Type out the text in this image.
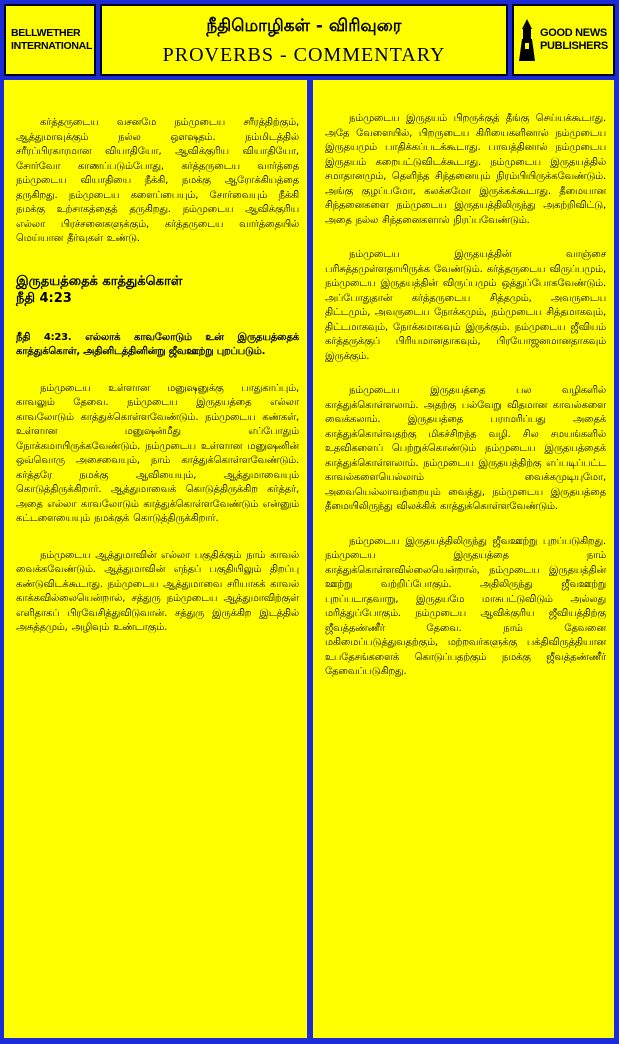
BELLWETHER
INTERNATIONAL
நீதிமொழிகள் - விரிவுரை
PROVERBS - COMMENTARY
GOOD NEWS
PUBLISHERS

கர்த்தருடைய வசனமே நம்முடைய சரீரத்திற்கும், ஆத்துமாவுக்கும் நல்ல ஔஷதம். நம்மிடத்தில் சரீரப்பிரகாரமான வியாதியோ, ஆவிக்குரிய வியாதியோ, சோர்வோ காணப்படும்போது, கர்த்தருடைய வார்த்தை நம்முடைய வியாதியை நீக்கி, நமக்கு ஆரோக்கியத்தை தருகிறது. நம்முடைய களைப்பையும், சோர்வையும் நீக்கி நமக்கு உற்சாகத்தைத் தருகிறது. நம்முடைய ஆவிக்குரிய எல்லா பிரச்சனைகளுக்கும், கர்த்தருடைய வார்த்தையில் மெய்யான தீர்வுகள் உண்டு.

இருதயத்தைக் காத்துக்கொள்

நீதி 4:23

நீதி 4:23. எல்லாக் காவலோடும் உன் இருதயத்தைக் காத்துக்கொள், அதினிடத்தினின்று ஜீவஊற்று புறப்படும்.

நம்முடைய உள்ளான மனுஷனுக்கு பாதுகாப்பும், காவலும் தேவை. நம்முடைய இருதயத்தை எல்லா காவலோடும் காத்துக்கொள்ளவேண்டும். நம்முடைய கண்கள், உள்ளான மனுஷன்மீது எப்போதும் நோக்கமாயிருக்கவேண்டும். நம்முடைய உள்ளான மனுஷனின் ஒவ்வொரு அசைவையும், நாம் காத்துக்கொள்ளவேண்டும். கர்த்தரே நமக்கு ஆவியையும், ஆத்துமாவையும் கொடுத்திருக்கிறார். ஆத்துமாவைக் கொடுத்திருக்கிற கர்த்தர், அதை எல்லா காவலோடும் காத்துக்கொள்ளவேண்டும் என்னும் கட்டளையையும் நமக்குக் கொடுத்திருக்கிறார்.

நம்முடைய ஆத்துமாவின் எல்லா பகுதிக்கும் நாம் காவல் வைக்கவேண்டும். ஆத்துமாவின் எந்தப் பகுதியிலும் திறப்பு கண்டுவிடக்கூடாது. நம்முடைய ஆத்துமாவை சரியாகக் காவல் காக்கவில்லையென்றால், சத்துரு நம்முடைய ஆத்துமாவிற்குள் எளிதாகப் பிரவேசித்துவிடுவான். சத்துரு இருக்கிற இடத்தில் அசுத்தமும், அழிவும் உண்டாகும்.

நம்முடைய இருதயம் பிறருக்குத் தீங்கு செய்யக்கூடாது. அதே வேளையில், பிறருடைய கிரியைகளினால் நம்முடைய இருதயமும் பாதிக்கப்படக்கூடாது. பாவத்தினால் நம்முடைய இருதயம் கறைபட்டுவிடக்கூடாது. நம்முடைய இருதயத்தில் சமாதானமும், தெளிந்த சிந்தனையும் நிரம்பியிருக்கவேண்டும். அங்கு குழப்பமோ, கலக்கமோ இருக்கக்கூடாது. தீமையான சிந்தனைகளை நம்முடைய இருதயத்திலிருந்து அகற்றிவிட்டு, அதை நல்ல சிந்தனைகளால் நிரப்பவேண்டும்.

நம்முடைய இருதயத்தின் வாஞ்சை பரிசுத்தமுள்ளதாயிருக்க வேண்டும். கர்த்தருடைய விருப்பமும், நம்முடைய இருதயத்தின் விருப்பமும் ஒத்துப்போகவேண்டும். அப்போதுதான் கர்த்தருடைய சித்தமும், அவருடைய திட்டமும், அவருடைய நோக்கமும், நம்முடைய சித்தமாகவும், திட்டமாகவும், நோக்கமாகவும் இருக்கும். நம்முடைய ஜீவியம் கர்த்தருக்குப் பிரியமானதாகவும், பிரயோஜனமானதாகவும் இருக்கும்.

நம்முடைய இருதயத்தை பல வழிகளில் காத்துக்கொள்ளலாம். அதற்கு பல்வேறு விதமான காவல்களை வைக்கலாம். இருதயத்தை பராமரிப்பது அதைக் காத்துக்கொள்வதற்கு மிகச்சிறந்த வழி. சில சமயங்களில் உதவிகளைப் பெற்றுக்கொண்டும் நம்முடைய இருதயத்தைக் காத்துக்கொள்ளலாம். நம்முடைய இருதயத்திற்கு எப்படிப்பட்ட காவல்களையெல்லாம் வைக்கமுடியுமோ, அவையெல்லாவற்றையும் வைத்து, நம்முடைய இருதயத்தை தீமையிலிருந்து விலக்கிக் காத்துக்கொள்ளவேண்டும்.

நம்முடைய இருதயத்திலிருந்து ஜீவஊற்று புறப்படுகிறது. நம்முடைய இருதயத்தை நாம் காத்துக்கொள்ளவில்லையென்றால், நம்முடைய இருதயத்தின் ஊற்று வற்றிப்போகும். அதிலிருந்து ஜீவஊற்று புறப்படாதவாறு, இருதயமே மாசுபட்டுவிடும் அல்லது மரித்துப்போகும். நம்முடைய ஆவிக்குரிய ஜீவியத்திற்கு ஜீவத்தண்ணீர் தேவை. நாம் தேவனை மகிமைப்படுத்துவதற்கும், மற்றவர்களுக்கு பக்திவிருத்தியான உபதேசங்களைக் கொடுப்பதற்கும் நமக்கு ஜீவத்தண்ணீர் தேவைப்படுகிறது.
